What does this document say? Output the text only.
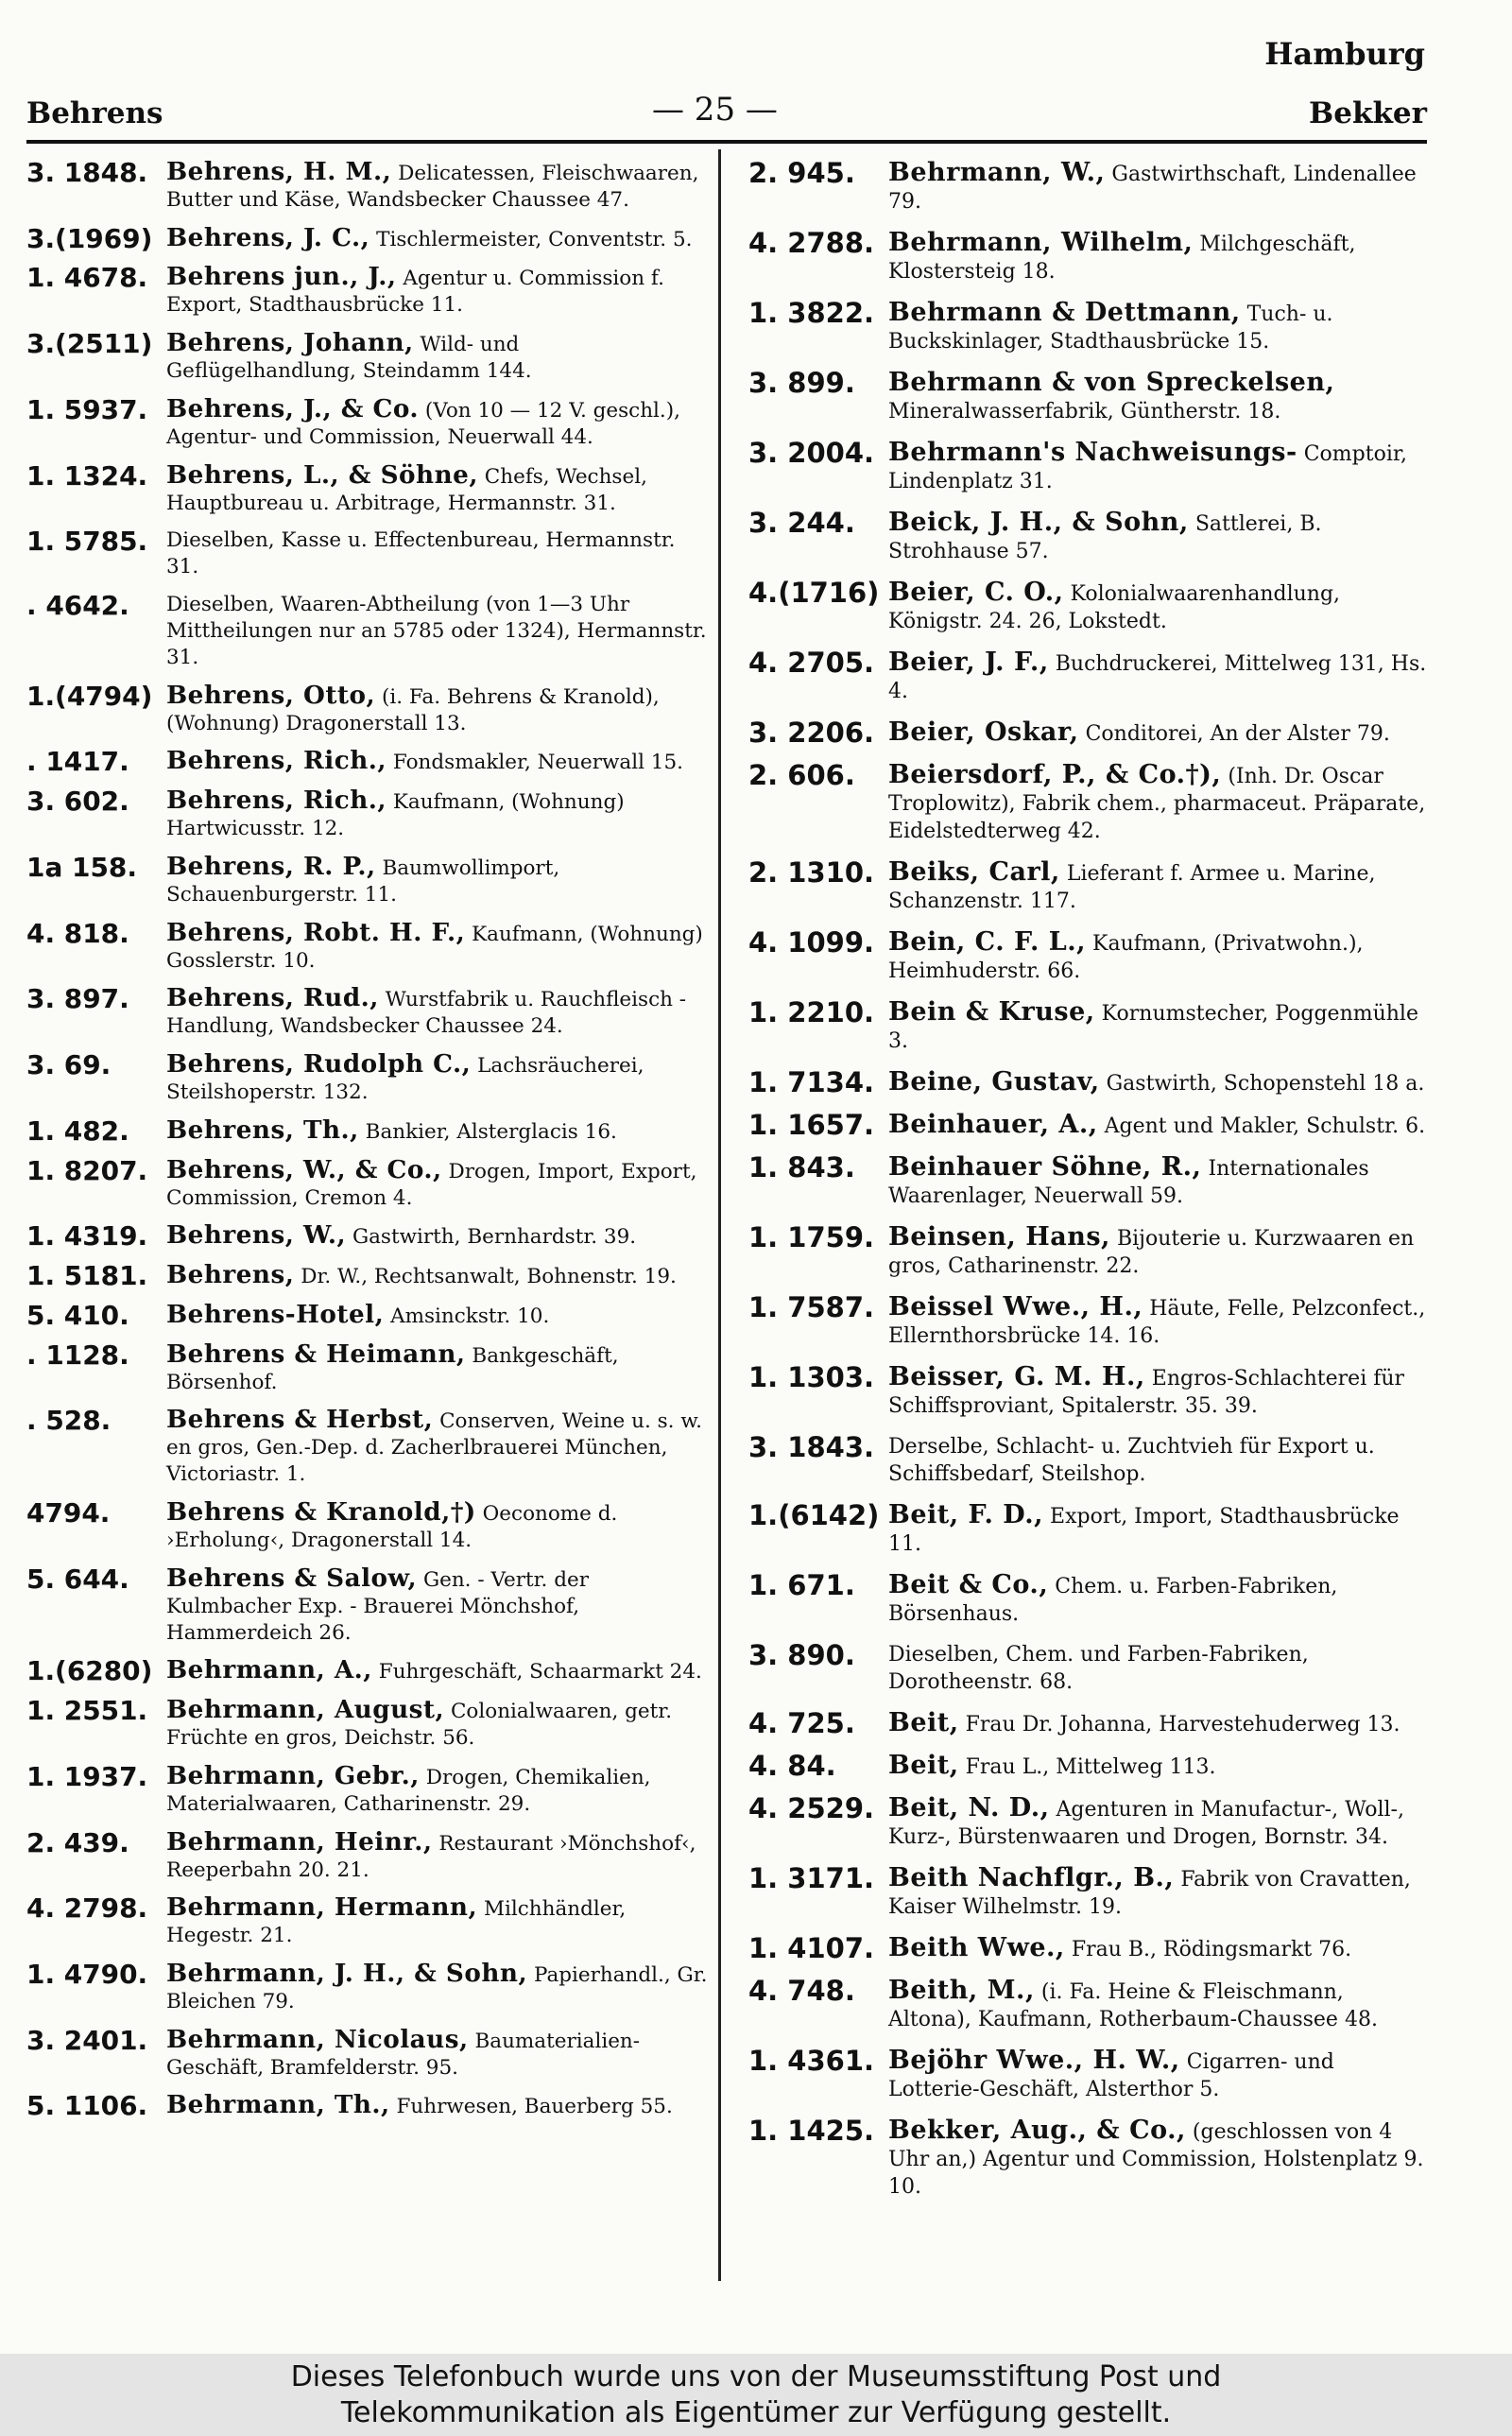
Hamburg
Behrens	— 25 —	Bekker
3. 1848. Behrens, H. M., Delicatessen, Fleischwaaren, Butter und Käse, Wandsbecker Chaussee 47.
3.(1969) Behrens, J. C., Tischlermeister, Conventstr. 5.
1. 4678. Behrens jun., J., Agentur u. Commission f. Export, Stadthausbrücke 11.
3.(2511) Behrens, Johann, Wild- und Geflügelhandlung, Steindamm 144.
1. 5937. Behrens, J., & Co. (Von 10 — 12 V. geschl.), Agentur- und Commission, Neuerwall 44.
1. 1324. Behrens, L., & Söhne, Chefs, Wechsel, Hauptbureau u. Arbitrage, Hermannstr. 31.
1. 5785. Dieselben, Kasse u. Effectenbureau, Hermannstr. 31.
. 4642. Dieselben, Waaren-Abtheilung (von 1—3 Uhr Mittheilungen nur an 5785 oder 1324), Hermannstr. 31.
1.(4794) Behrens, Otto, (i. Fa. Behrens & Kranold), (Wohnung) Dragonerstall 13.
. 1417. Behrens, Rich., Fondsmakler, Neuerwall 15.
3. 602. Behrens, Rich., Kaufmann, (Wohnung) Hartwicusstr. 12.
1a 158. Behrens, R. P., Baumwollimport, Schauenburgerstr. 11.
4. 818. Behrens, Robt. H. F., Kaufmann, (Wohnung) Gosslerstr. 10.
3. 897. Behrens, Rud., Wurstfabrik u. Rauchfleisch - Handlung, Wandsbecker Chaussee 24.
3. 69. Behrens, Rudolph C., Lachsräucherei, Steilshoperstr. 132.
1. 482. Behrens, Th., Bankier, Alsterglacis 16.
1. 8207. Behrens, W., & Co., Drogen, Import, Export, Commission, Cremon 4.
1. 4319. Behrens, W., Gastwirth, Bernhardstr. 39.
1. 5181. Behrens, Dr. W., Rechtsanwalt, Bohnenstr. 19.
5. 410. Behrens-Hotel, Amsinckstr. 10.
. 1128. Behrens & Heimann, Bankgeschäft, Börsenhof.
. 528. Behrens & Herbst, Conserven, Weine u. s. w. en gros, Gen.-Dep. d. Zacherlbrauerei München, Victoriastr. 1.
4794. Behrens & Kranold,†) Oeconome d. ›Erholung‹, Dragonerstall 14.
5. 644. Behrens & Salow, Gen. - Vertr. der Kulmbacher Exp. - Brauerei Mönchshof, Hammerdeich 26.
1.(6280) Behrmann, A., Fuhrgeschäft, Schaarmarkt 24.
1. 2551. Behrmann, August, Colonialwaaren, getr. Früchte en gros, Deichstr. 56.
1. 1937. Behrmann, Gebr., Drogen, Chemikalien, Materialwaaren, Catharinenstr. 29.
2. 439. Behrmann, Heinr., Restaurant ›Mönchshof‹, Reeperbahn 20. 21.
4. 2798. Behrmann, Hermann, Milchhändler, Hegestr. 21.
1. 4790. Behrmann, J. H., & Sohn, Papierhandl., Gr. Bleichen 79.
3. 2401. Behrmann, Nicolaus, Baumaterialien-Geschäft, Bramfelderstr. 95.
5. 1106. Behrmann, Th., Fuhrwesen, Bauerberg 55.
2. 945. Behrmann, W., Gastwirthschaft, Lindenallee 79.
4. 2788. Behrmann, Wilhelm, Milchgeschäft, Klostersteig 18.
1. 3822. Behrmann & Dettmann, Tuch- u. Buckskinlager, Stadthausbrücke 15.
3. 899. Behrmann & von Spreckelsen, Mineralwasserfabrik, Güntherstr. 18.
3. 2004. Behrmann's Nachweisungs- Comptoir, Lindenplatz 31.
3. 244. Beick, J. H., & Sohn, Sattlerei, B. Strohhause 57.
4.(1716) Beier, C. O., Kolonialwaarenhandlung, Königstr. 24. 26, Lokstedt.
4. 2705. Beier, J. F., Buchdruckerei, Mittelweg 131, Hs. 4.
3. 2206. Beier, Oskar, Conditorei, An der Alster 79.
2. 606. Beiersdorf, P., & Co.†), (Inh. Dr. Oscar Troplowitz), Fabrik chem., pharmaceut. Präparate, Eidelstedterweg 42.
2. 1310. Beiks, Carl, Lieferant f. Armee u. Marine, Schanzenstr. 117.
4. 1099. Bein, C. F. L., Kaufmann, (Privatwohn.), Heimhuderstr. 66.
1. 2210. Bein & Kruse, Kornumstecher, Poggenmühle 3.
1. 7134. Beine, Gustav, Gastwirth, Schopenstehl 18 a.
1. 1657. Beinhauer, A., Agent und Makler, Schulstr. 6.
1. 843. Beinhauer Söhne, R., Internationales Waarenlager, Neuerwall 59.
1. 1759. Beinsen, Hans, Bijouterie u. Kurzwaaren en gros, Catharinenstr. 22.
1. 7587. Beissel Wwe., H., Häute, Felle, Pelzconfect., Ellernthorsbrücke 14. 16.
1. 1303. Beisser, G. M. H., Engros-Schlachterei für Schiffsproviant, Spitalerstr. 35. 39.
3. 1843. Derselbe, Schlacht- u. Zuchtvieh für Export u. Schiffsbedarf, Steilshop.
1.(6142) Beit, F. D., Export, Import, Stadthausbrücke 11.
1. 671. Beit & Co., Chem. u. Farben-Fabriken, Börsenhaus.
3. 890. Dieselben, Chem. und Farben-Fabriken, Dorotheenstr. 68.
4. 725. Beit, Frau Dr. Johanna, Harvestehuderweg 13.
4. 84. Beit, Frau L., Mittelweg 113.
4. 2529. Beit, N. D., Agenturen in Manufactur-, Woll-, Kurz-, Bürstenwaaren und Drogen, Bornstr. 34.
1. 3171. Beith Nachflgr., B., Fabrik von Cravatten, Kaiser Wilhelmstr. 19.
1. 4107. Beith Wwe., Frau B., Rödingsmarkt 76.
4. 748. Beith, M., (i. Fa. Heine & Fleischmann, Altona), Kaufmann, Rotherbaum-Chaussee 48.
1. 4361. Bejöhr Wwe., H. W., Cigarren- und Lotterie-Geschäft, Alsterthor 5.
1. 1425. Bekker, Aug., & Co., (geschlossen von 4 Uhr an,) Agentur und Commission, Holstenplatz 9. 10.
Dieses Telefonbuch wurde uns von der Museumsstiftung Post und
Telekommunikation als Eigentümer zur Verfügung gestellt.
